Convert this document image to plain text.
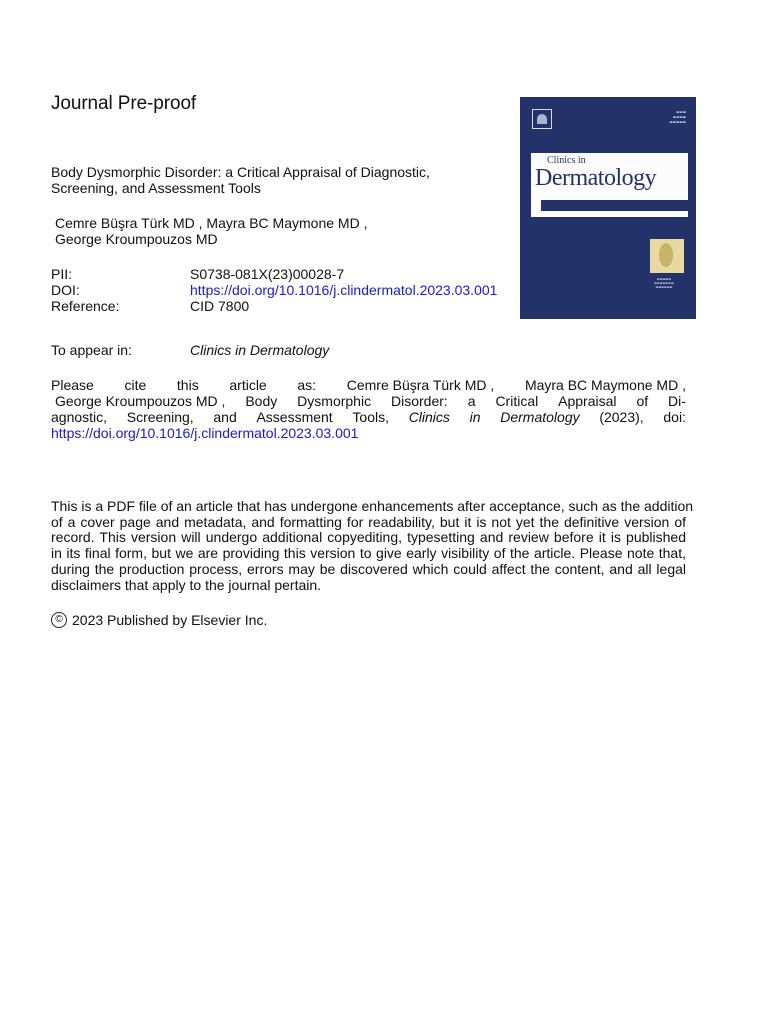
Journal Pre-proof
Body Dysmorphic Disorder: a Critical Appraisal of Diagnostic,
Screening, and Assessment Tools
Cemre Büşra Türk MD , Mayra BC Maymone MD ,
George Kroumpouzos MD
PII:	S0738-081X(23)00028-7
DOI:	https://doi.org/10.1016/j.clindermatol.2023.03.001
Reference:	CID 7800
To appear in:	Clinics in Dermatology
Please cite this article as: Cemre Büşra Türk MD , Mayra BC Maymone MD ,
George Kroumpouzos MD , Body Dysmorphic Disorder: a Critical Appraisal of Di-
agnostic, Screening, and Assessment Tools, Clinics in Dermatology (2023), doi:
https://doi.org/10.1016/j.clindermatol.2023.03.001
This is a PDF file of an article that has undergone enhancements after acceptance, such as the addition
of a cover page and metadata, and formatting for readability, but it is not yet the definitive version of
record. This version will undergo additional copyediting, typesetting and review before it is published
in its final form, but we are providing this version to give early visibility of the article. Please note that,
during the production process, errors may be discovered which could affect the content, and all legal
disclaimers that apply to the journal pertain.
© 2023 Published by Elsevier Inc.
▬▬▬
▬▬▬▬
▬▬▬▬▬
Clinics in
Dermatology
▬▬▬▬▬
▬▬▬▬▬▬▬
▬▬▬▬▬▬
